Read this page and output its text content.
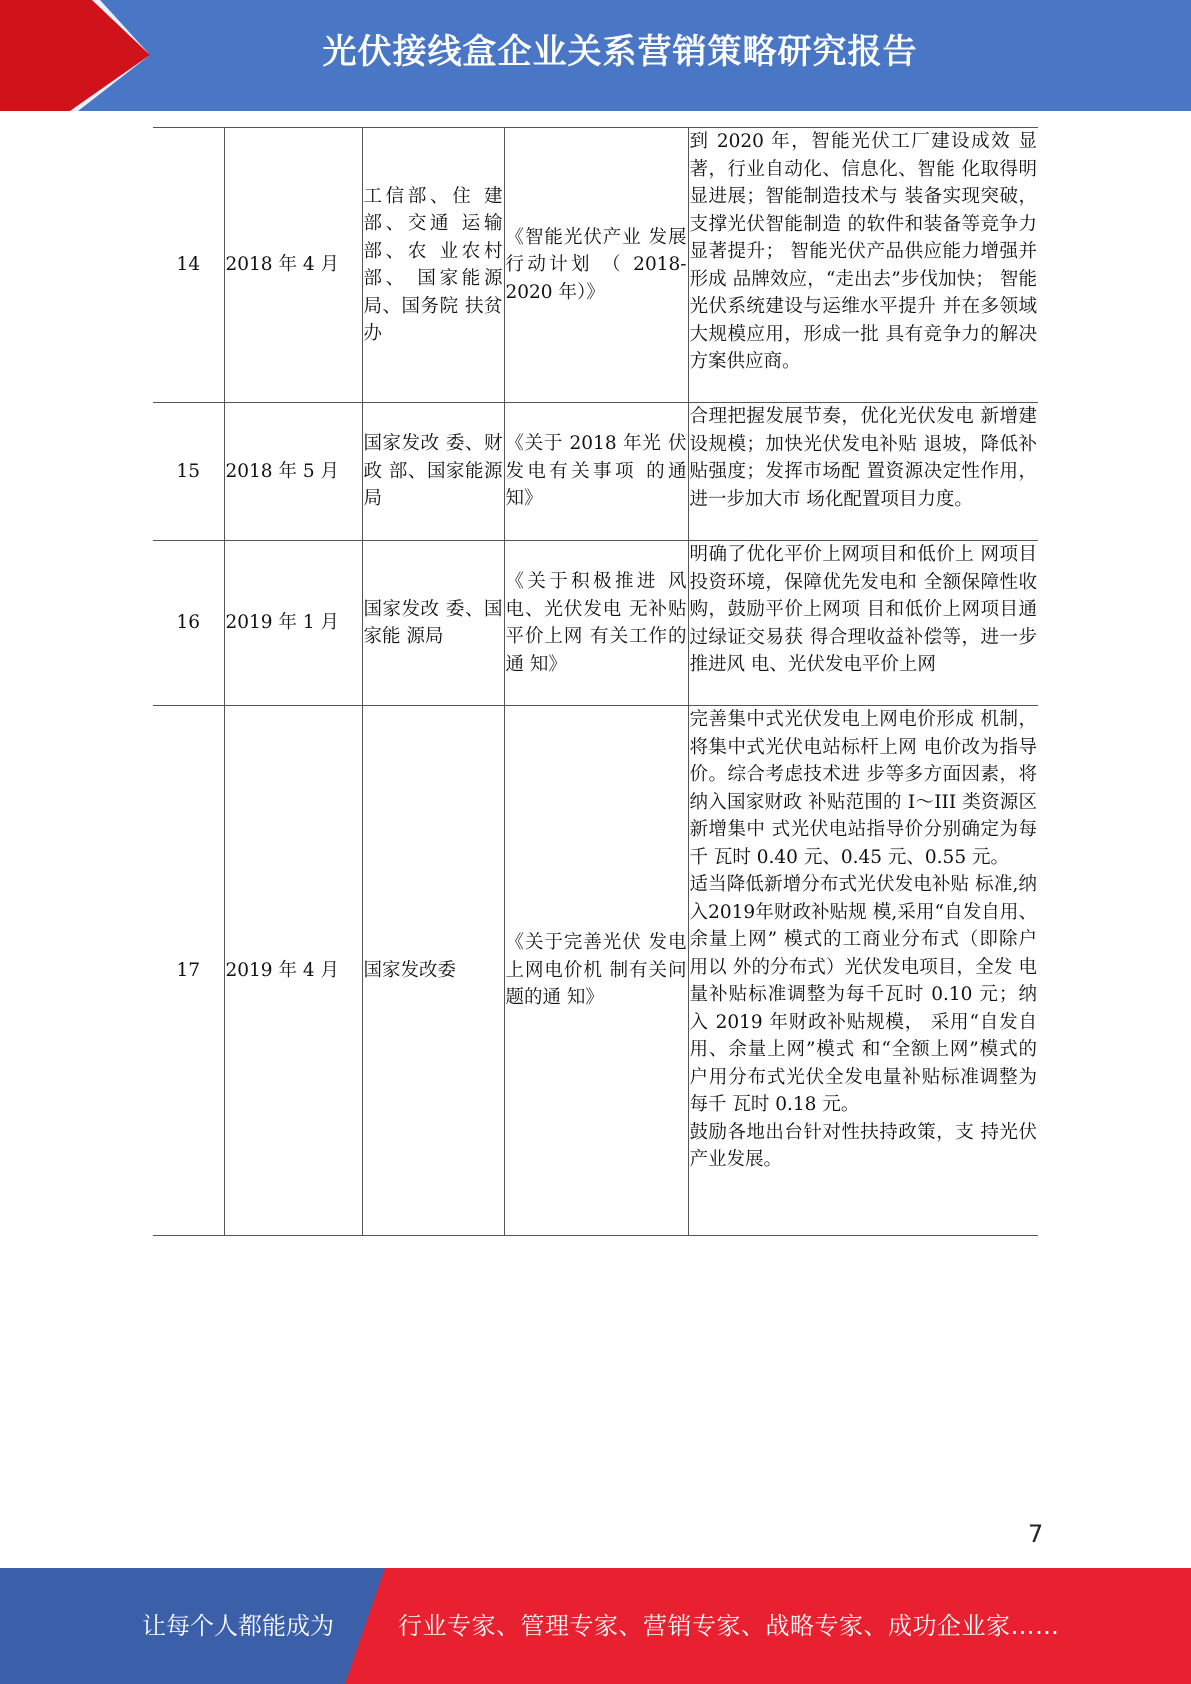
光伏接线盒企业关系营销策略研究报告
14	2018 年 4 月	工信部、住 建部、交通 运输部、农 业农村部、 国家能源局、国务院 扶贫办	《智能光伏产业 发展行动计划 （ 2018-2020 年）》	到 2020 年，智能光伏工厂建设成效 显著，行业自动化、信息化、智能 化取得明显进展；智能制造技术与 装备实现突破，支撑光伏智能制造 的软件和装备等竞争力显著提升； 智能光伏产品供应能力增强并形成 品牌效应，“走出去”步伐加快； 智能光伏系统建设与运维水平提升 并在多领域大规模应用，形成一批 具有竞争力的解决方案供应商。

15	2018 年 5 月	国家发改 委、财政 部、国家能源局	《关于 2018 年光 伏发电有关事项 的通知》	合理把握发展节奏，优化光伏发电 新增建设规模；加快光伏发电补贴 退坡，降低补贴强度；发挥市场配 置资源决定性作用，进一步加大市 场化配置项目力度。

16	2019 年 1 月	国家发改 委、国家能 源局	《关于积极推进 风电、光伏发电 无补贴平价上网 有关工作的通 知》	明确了优化平价上网项目和低价上 网项目投资环境，保障优先发电和 全额保障性收购，鼓励平价上网项 目和低价上网项目通过绿证交易获 得合理收益补偿等，进一步推进风 电、光伏发电平价上网

17	2019 年 4 月	国家发改委	《关于完善光伏 发电上网电价机 制有关问题的通 知》	完善集中式光伏发电上网电价形成 机制，将集中式光伏电站标杆上网 电价改为指导价。综合考虑技术进 步等多方面因素，将纳入国家财政 补贴范围的 I～III 类资源区新增集中 式光伏电站指导价分别确定为每千 瓦时 0.40 元、0.45 元、0.55 元。
适当降低新增分布式光伏发电补贴 标准,纳入2019年财政补贴规 模,采用“自发自用、余量上网” 模式的工商业分布式（即除户用以 外的分布式）光伏发电项目，全发 电量补贴标准调整为每千瓦时 0.10 元；纳入 2019 年财政补贴规模， 采用“自发自用、余量上网”模式 和“全额上网”模式的户用分布式光伏全发电量补贴标准调整为每千 瓦时 0.18 元。
鼓励各地出台针对性扶持政策，支 持光伏产业发展。
7
让每个人都能成为	行业专家、管理专家、营销专家、战略专家、成功企业家……
